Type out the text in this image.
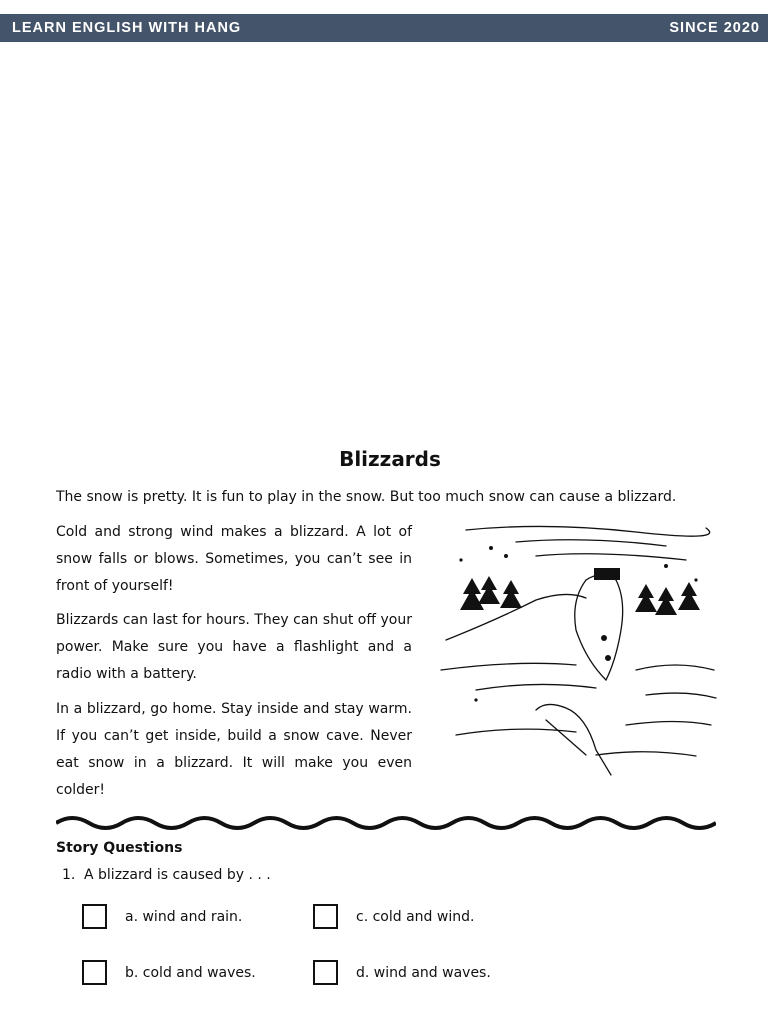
LEARN ENGLISH WITH HANG	SINCE 2020
Blizzards
The snow is pretty. It is fun to play in the snow. But too much snow can cause a blizzard.
Cold and strong wind makes a blizzard. A lot of snow falls or blows. Sometimes, you can’t see in front of yourself!
Blizzards can last for hours. They can shut off your power. Make sure you have a flashlight and a radio with a battery.
In a blizzard, go home. Stay inside and stay warm. If you can’t get inside, build a snow cave. Never eat snow in a blizzard. It will make you even colder!
Story Questions
1. A blizzard is caused by . . .
a. wind and rain.	c. cold and wind.
b. cold and waves.	d. wind and waves.
